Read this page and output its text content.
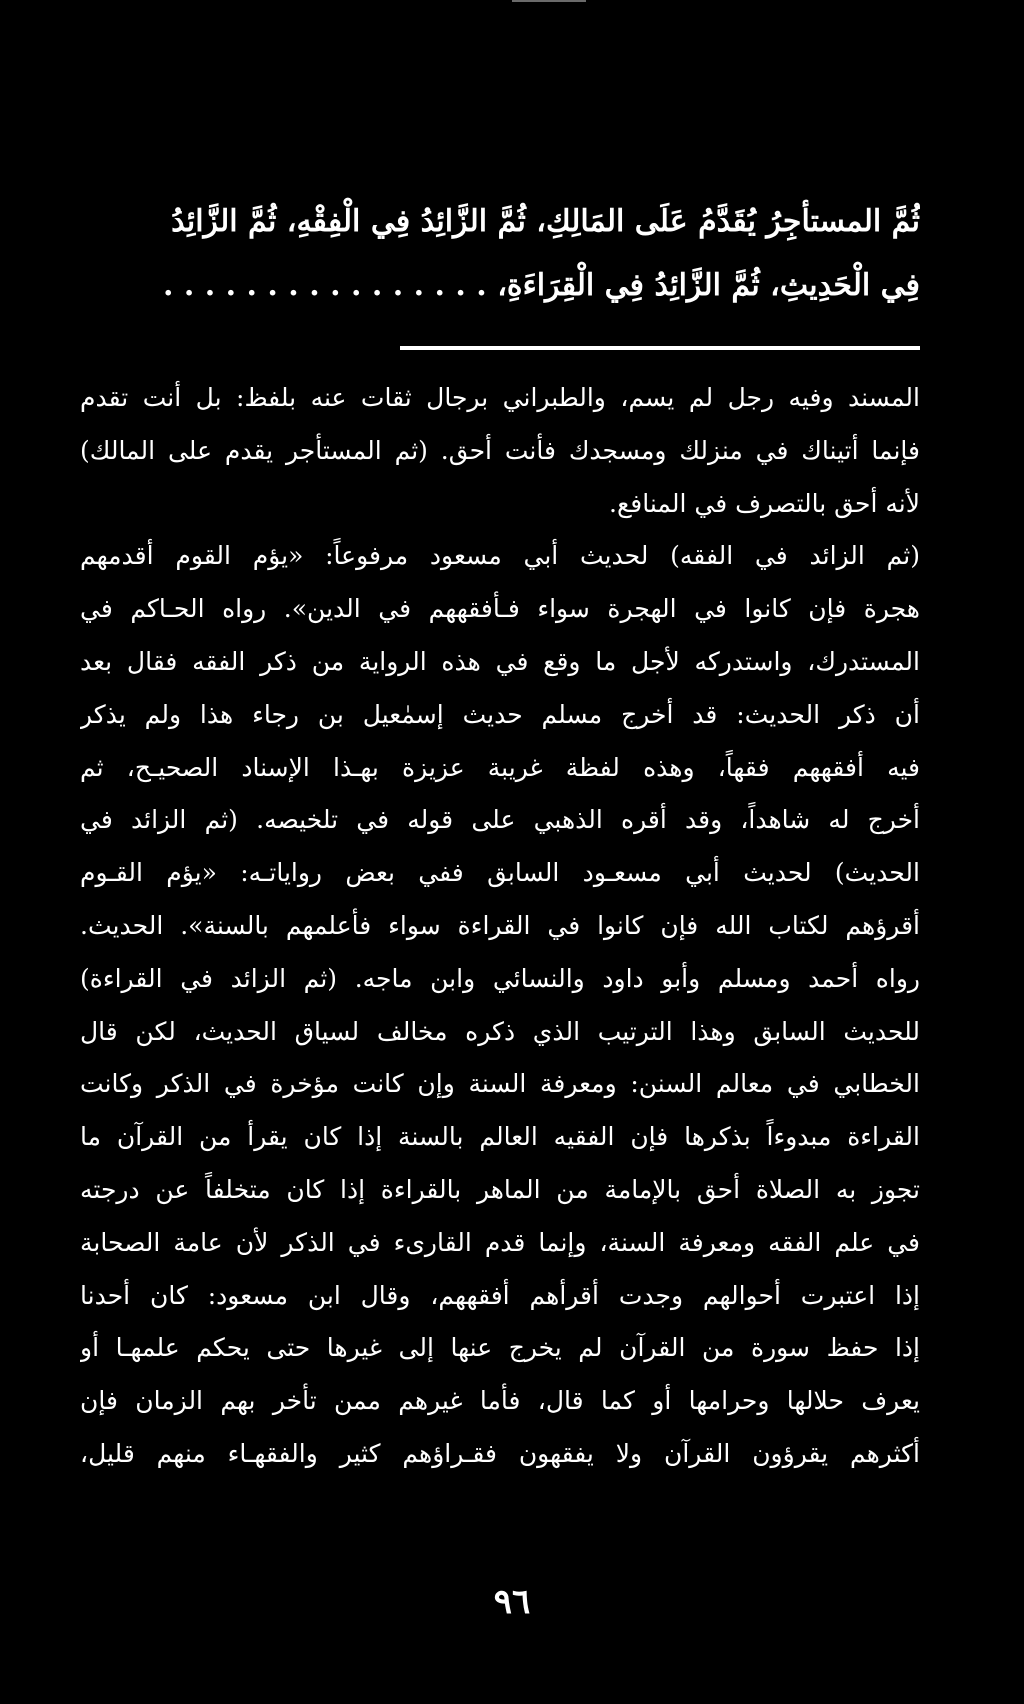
ثُمَّ المستأجِرُ يُقَدَّمُ عَلَى المَالِكِ، ثُمَّ الزَّائِدُ فِي الْفِقْهِ، ثُمَّ الزَّائِدُ
فِي الْحَدِيثِ، ثُمَّ الزَّائِدُ فِي الْقِرَاءَةِ، . . . . . . . . . . . . . . . .
المسند وفيه رجل لم يسم، والطبراني برجال ثقات عنه بلفظ: بل أنت تقدم
فإنما أتيناك في منزلك ومسجدك فأنت أحق. (ثم المستأجر يقدم على المالك)
لأنه أحق بالتصرف في المنافع.
(ثم الزائد في الفقه) لحديث أبي مسعود مرفوعاً: «يؤم القوم أقدمهم
هجرة فإن كانوا في الهجرة سواء فـأفقههم في الدين». رواه الحـاكم في
المستدرك، واستدركه لأجل ما وقع في هذه الرواية من ذكر الفقه فقال بعد
أن ذكر الحديث: قد أخرج مسلم حديث إسمٰعيل بن رجاء هذا ولم يذكر
فيه أفقههم فقهاً، وهذه لفظة غريبة عزيزة بهـذا الإسناد الصحيـح، ثم
أخرج له شاهداً، وقد أقره الذهبي على قوله في تلخيصه. (ثم الزائد في
الحديث) لحديث أبي مسعـود السابق ففي بعض رواياتـه: «يؤم القـوم
أقرؤهم لكتاب الله فإن كانوا في القراءة سواء فأعلمهم بالسنة». الحديث.
رواه أحمد ومسلم وأبو داود والنسائي وابن ماجه. (ثم الزائد في القراءة)
للحديث السابق وهذا الترتيب الذي ذكره مخالف لسياق الحديث، لكن قال
الخطابي في معالم السنن: ومعرفة السنة وإن كانت مؤخرة في الذكر وكانت
القراءة مبدوءاً بذكرها فإن الفقيه العالم بالسنة إذا كان يقرأ من القرآن ما
تجوز به الصلاة أحق بالإمامة من الماهر بالقراءة إذا كان متخلفاً عن درجته
في علم الفقه ومعرفة السنة، وإنما قدم القارىء في الذكر لأن عامة الصحابة
إذا اعتبرت أحوالهم وجدت أقرأهم أفقههم، وقال ابن مسعود: كان أحدنا
إذا حفظ سورة من القرآن لم يخرج عنها إلى غيرها حتى يحكم علمهـا أو
يعرف حلالها وحرامها أو كما قال، فأما غيرهم ممن تأخر بهم الزمان فإن
أكثرهم يقرؤون القرآن ولا يفقهون فقـراؤهم كثير والفقهـاء منهم قليل،
٩٦
